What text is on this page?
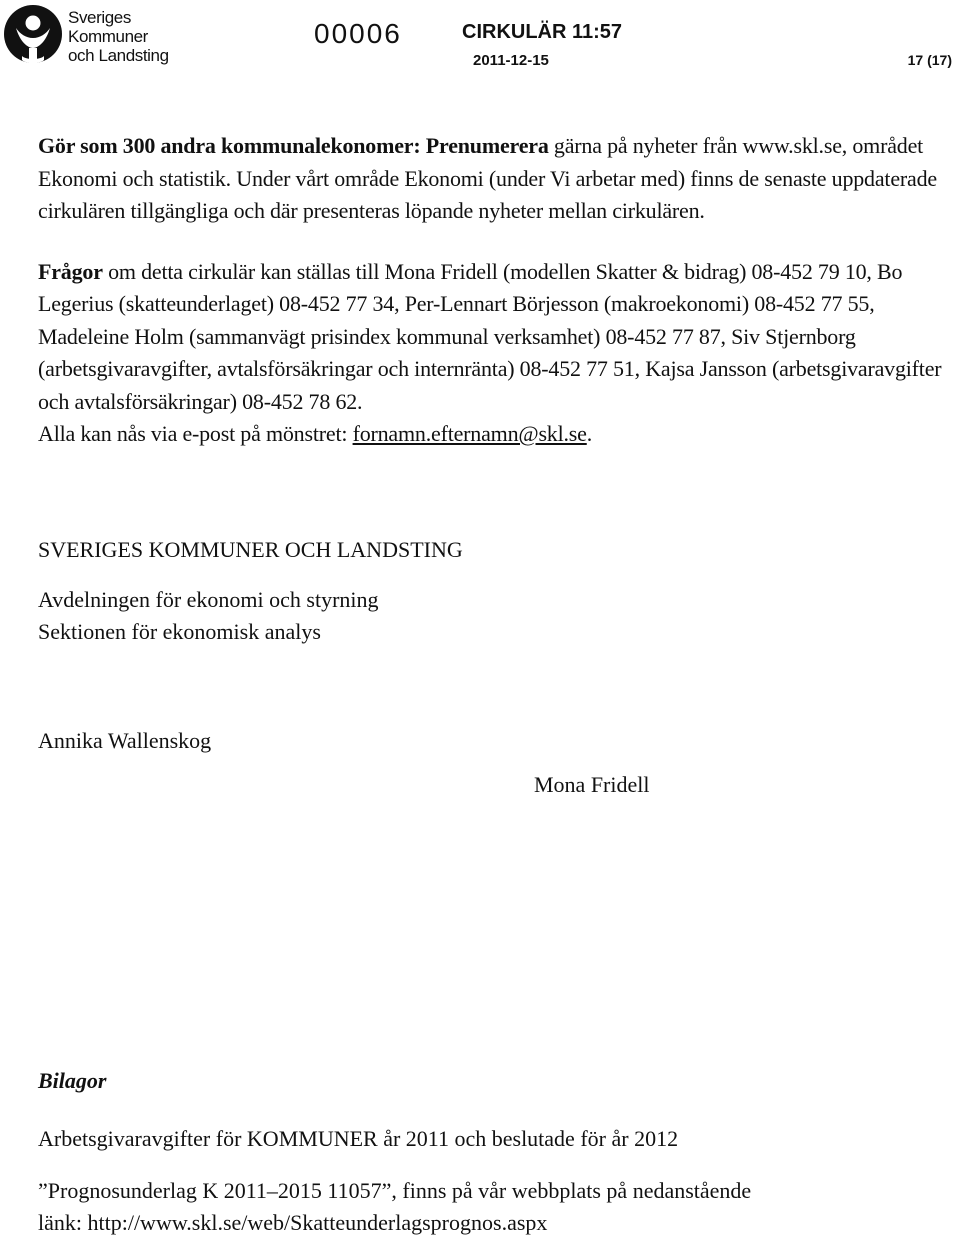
Sveriges
Kommuner
och Landsting
00006	CIRKULÄR 11:57
2011-12-15	17 (17)

Gör som 300 andra kommunalekonomer: Prenumerera gärna på nyheter från www.skl.se, området Ekonomi och statistik. Under vårt område Ekonomi (under Vi arbetar med) finns de senaste uppdaterade cirkulären tillgängliga och där presenteras löpande nyheter mellan cirkulären.

Frågor om detta cirkulär kan ställas till Mona Fridell (modellen Skatter & bidrag) 08-452 79 10, Bo Legerius (skatteunderlaget) 08-452 77 34, Per-Lennart Börjesson (makroekonomi) 08-452 77 55, Madeleine Holm (sammanvägt prisindex kommunal verksamhet) 08-452 77 87, Siv Stjernborg (arbetsgivaravgifter, avtalsförsäkringar och internränta) 08-452 77 51, Kajsa Jansson (arbetsgivaravgifter och avtalsförsäkringar) 08-452 78 62.
Alla kan nås via e-post på mönstret: fornamn.efternamn@skl.se.

SVERIGES KOMMUNER OCH LANDSTING
Avdelningen för ekonomi och styrning
Sektionen för ekonomisk analys
Annika Wallenskog
Mona Fridell
Bilagor
Arbetsgivaravgifter för KOMMUNER år 2011 och beslutade för år 2012
”Prognosunderlag K 2011–2015 11057”, finns på vår webbplats på nedanstående
länk: http://www.skl.se/web/Skatteunderlagsprognos.aspx
